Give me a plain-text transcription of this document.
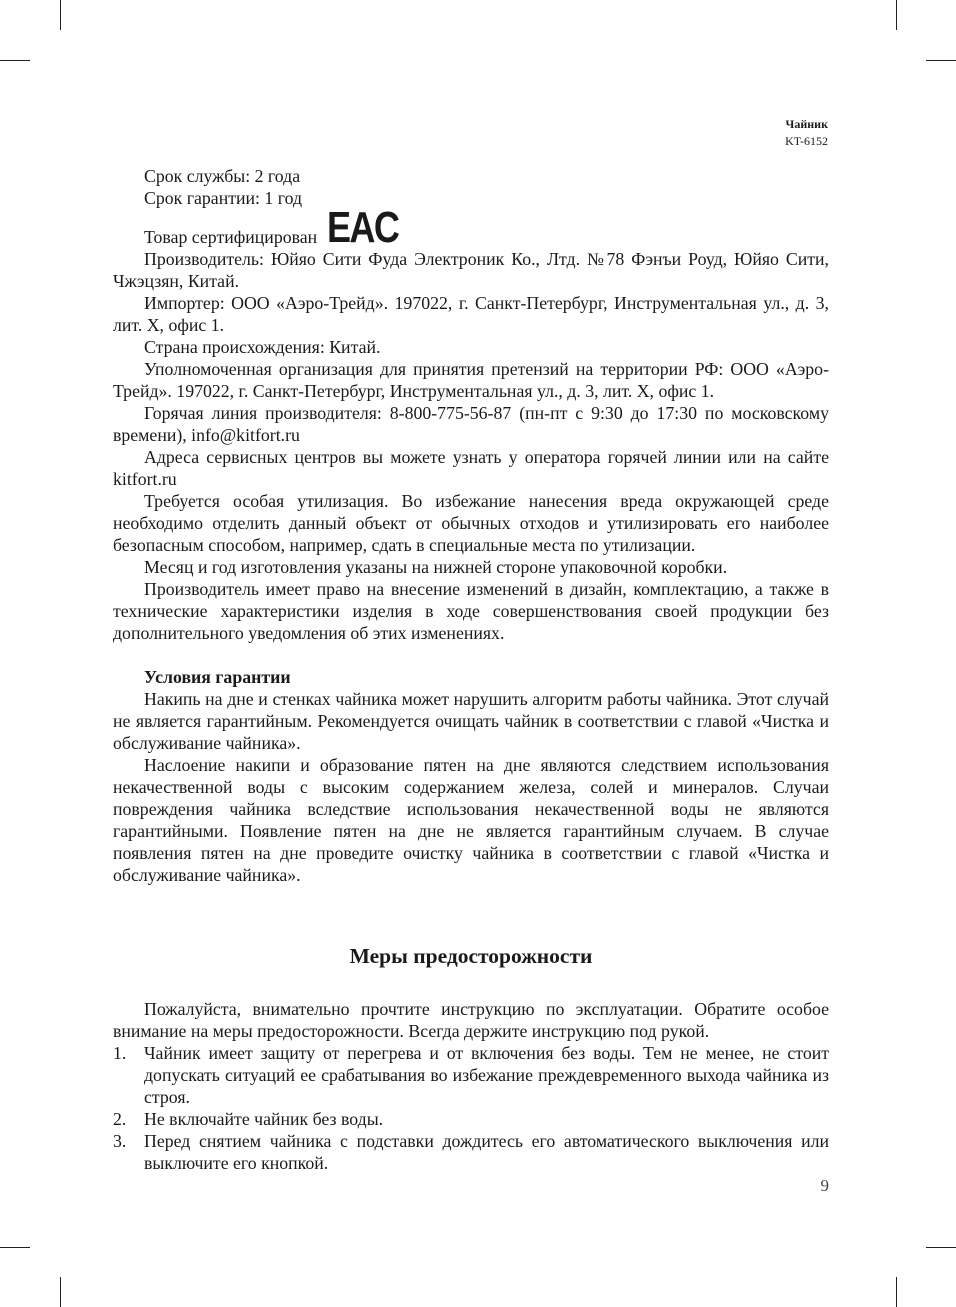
Чайник
KT-6152
Срок службы: 2 года
Срок гарантии: 1 год
Товар сертифицирован EAC

Производитель: Юйяо Сити Фуда Электроник Ко., Лтд. №78 Фэнъи Роуд, Юйяо Сити, Чжэцзян, Китай.

Импортер: ООО «Аэро-Трейд». 197022, г. Санкт-Петербург, Инструментальная ул., д. 3, лит. Х, офис 1.

Страна происхождения: Китай.

Уполномоченная организация для принятия претензий на территории РФ: ООО «Аэро-Трейд». 197022, г. Санкт-Петербург, Инструментальная ул., д. 3, лит. Х, офис 1.

Горячая линия производителя: 8-800-775-56-87 (пн-пт с 9:30 до 17:30 по московскому времени), info@kitfort.ru

Адреса сервисных центров вы можете узнать у оператора горячей линии или на сайте kitfort.ru

Требуется особая утилизация. Во избежание нанесения вреда окружающей среде необходимо отделить данный объект от обычных отходов и утилизировать его наиболее безопасным способом, например, сдать в специальные места по утилизации.

Месяц и год изготовления указаны на нижней стороне упаковочной коробки.

Производитель имеет право на внесение изменений в дизайн, комплектацию, а также в технические характеристики изделия в ходе совершенствования своей продукции без дополнительного уведомления об этих изменениях.

Условия гарантии

Накипь на дне и стенках чайника может нарушить алгоритм работы чайника. Этот случай не является гарантийным. Рекомендуется очищать чайник в соответствии с главой «Чистка и обслуживание чайника».

Наслоение накипи и образование пятен на дне являются следствием использования некачественной воды с высоким содержанием железа, солей и минералов. Случаи повреждения чайника вследствие использования некачественной воды не являются гарантийными. Появление пятен на дне не является гарантийным случаем. В случае появления пятен на дне проведите очистку чайника в соответствии с главой «Чистка и обслуживание чайника».

Меры предосторожности

Пожалуйста, внимательно прочтите инструкцию по эксплуатации. Обратите особое внимание на меры предосторожности. Всегда держите инструкцию под рукой.

1. Чайник имеет защиту от перегрева и от включения без воды. Тем не менее, не стоит допускать ситуаций ее срабатывания во избежание преждевременного выхода чайника из строя.
2. Не включайте чайник без воды.
3. Перед снятием чайника с подставки дождитесь его автоматического выключения или выключите его кнопкой.
9
